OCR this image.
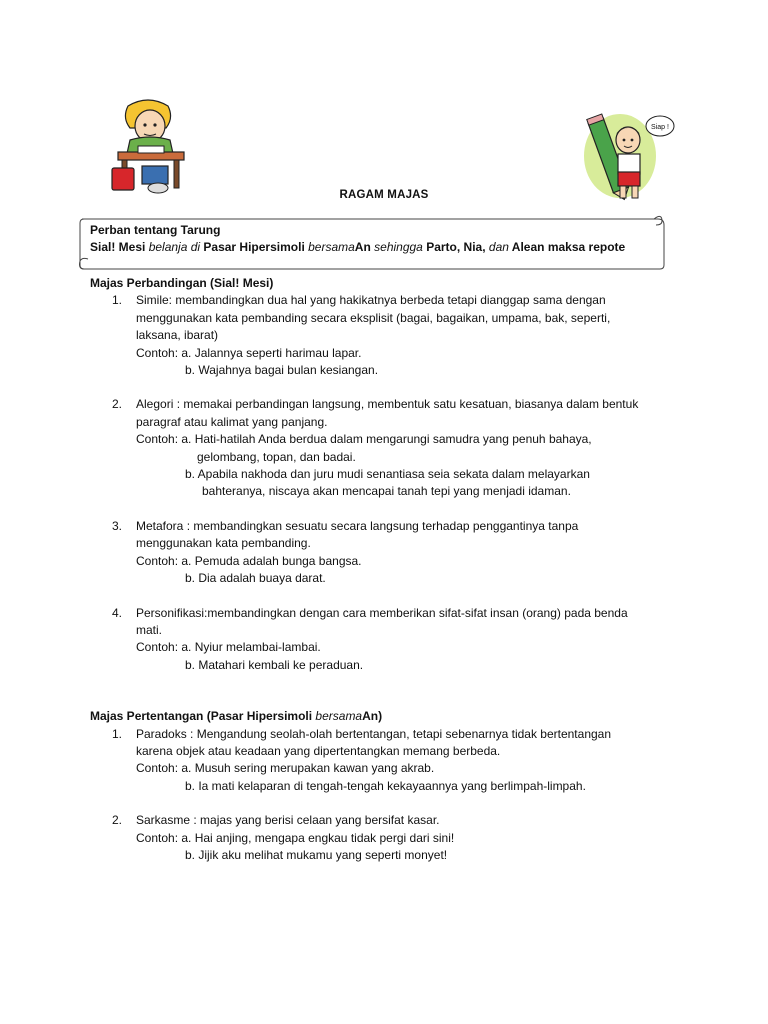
Siap !
RAGAM MAJAS
Perban tentang Tarung
Sial! Mesi belanja di Pasar Hipersimoli bersamaAn sehingga Parto, Nia, dan Alean maksa repote

Majas Perbandingan (Sial! Mesi)

1. Simile: membandingkan dua hal yang hakikatnya berbeda tetapi dianggap sama dengan

menggunakan kata pembanding secara eksplisit (bagai, bagaikan, umpama, bak, seperti,

laksana, ibarat)

Contoh: a. Jalannya seperti harimau lapar.

b. Wajahnya bagai bulan kesiangan.

2. Alegori : memakai perbandingan langsung, membentuk satu kesatuan, biasanya dalam bentuk

paragraf atau kalimat yang panjang.

Contoh: a. Hati-hatilah Anda berdua dalam mengarungi samudra yang penuh bahaya,

gelombang, topan, dan badai.

b. Apabila nakhoda dan juru mudi senantiasa seia sekata dalam melayarkan

bahteranya, niscaya akan mencapai tanah tepi yang menjadi idaman.

3. Metafora : membandingkan sesuatu secara langsung terhadap penggantinya tanpa

menggunakan kata pembanding.

Contoh: a. Pemuda adalah bunga bangsa.

b. Dia adalah buaya darat.

4. Personifikasi:membandingkan dengan cara memberikan sifat-sifat insan (orang) pada benda

mati.

Contoh: a. Nyiur melambai-lambai.

b. Matahari kembali ke peraduan.

Majas Pertentangan (Pasar Hipersimoli bersamaAn)

1. Paradoks : Mengandung seolah-olah bertentangan, tetapi sebenarnya tidak bertentangan

karena objek atau keadaan yang dipertentangkan memang berbeda.

Contoh: a. Musuh sering merupakan kawan yang akrab.

b. Ia mati kelaparan di tengah-tengah kekayaannya yang berlimpah-limpah.

2. Sarkasme : majas yang berisi celaan yang bersifat kasar.

Contoh: a. Hai anjing, mengapa engkau tidak pergi dari sini!

b. Jijik aku melihat mukamu yang seperti monyet!
